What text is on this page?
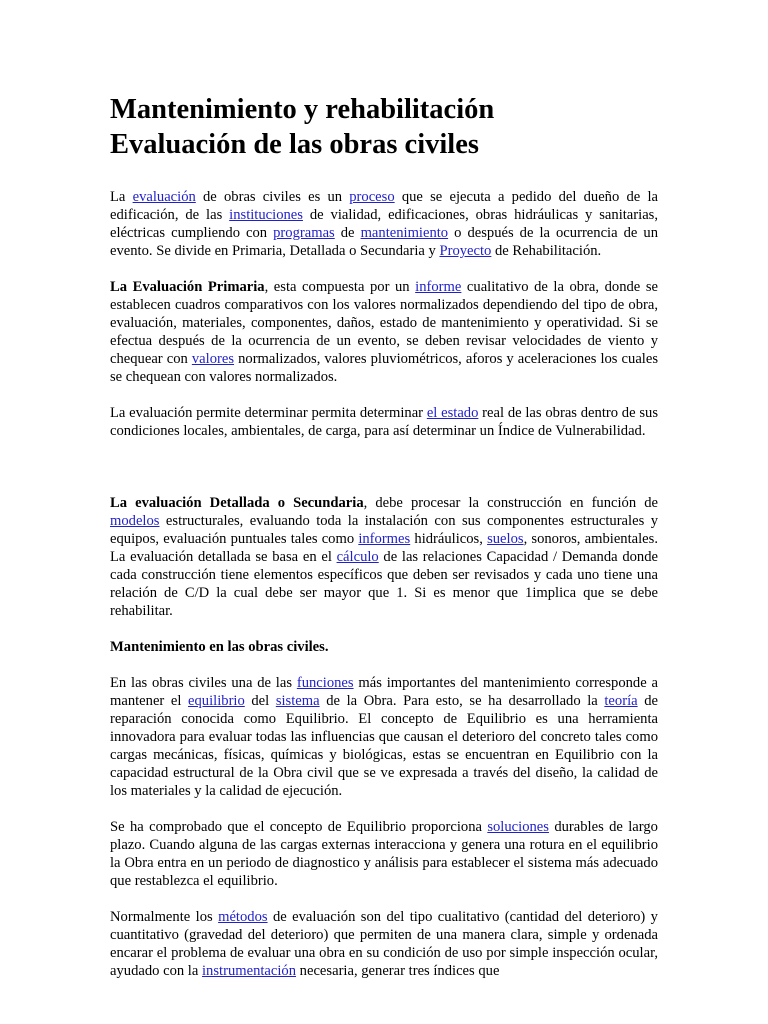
Mantenimiento y rehabilitación
Evaluación de las obras civiles

La evaluación de obras civiles es un proceso que se ejecuta a pedido del dueño de la edificación, de las instituciones de vialidad, edificaciones, obras hidráulicas y sanitarias, eléctricas cumpliendo con programas de mantenimiento o después de la ocurrencia de un evento. Se divide en Primaria, Detallada o Secundaria y Proyecto de Rehabilitación.

La Evaluación Primaria, esta compuesta por un informe cualitativo de la obra, donde se establecen cuadros comparativos con los valores normalizados dependiendo del tipo de obra, evaluación, materiales, componentes, daños, estado de mantenimiento y operatividad. Si se efectua después de la ocurrencia de un evento, se deben revisar velocidades de viento y chequear con valores normalizados, valores pluviométricos, aforos y aceleraciones los cuales se chequean con valores normalizados.

La evaluación permite determinar permita determinar el estado real de las obras dentro de sus condiciones locales, ambientales, de carga, para así determinar un Índice de Vulnerabilidad.

La evaluación Detallada o Secundaria, debe procesar la construcción en función de modelos estructurales, evaluando toda la instalación con sus componentes estructurales y equipos, evaluación puntuales tales como informes hidráulicos, suelos, sonoros, ambientales. La evaluación detallada se basa en el cálculo de las relaciones Capacidad / Demanda donde cada construcción tiene elementos específicos que deben ser revisados y cada uno tiene una relación de C/D la cual debe ser mayor que 1. Si es menor que 1implica que se debe rehabilitar.

Mantenimiento en las obras civiles.

En las obras civiles una de las funciones más importantes del mantenimiento corresponde a mantener el equilibrio del sistema de la Obra. Para esto, se ha desarrollado la teoría de reparación conocida como Equilibrio. El concepto de Equilibrio es una herramienta innovadora para evaluar todas las influencias que causan el deterioro del concreto tales como cargas mecánicas, físicas, químicas y biológicas, estas se encuentran en Equilibrio con la capacidad estructural de la Obra civil que se ve expresada a través del diseño, la calidad de los materiales y la calidad de ejecución.

Se ha comprobado que el concepto de Equilibrio proporciona soluciones durables de largo plazo. Cuando alguna de las cargas externas interacciona y genera una rotura en el equilibrio la Obra entra en un periodo de diagnostico y análisis para establecer el sistema más adecuado que restablezca el equilibrio.

Normalmente los métodos de evaluación son del tipo cualitativo (cantidad del deterioro) y cuantitativo (gravedad del deterioro) que permiten de una manera clara, simple y ordenada encarar el problema de evaluar una obra en su condición de uso por simple inspección ocular, ayudado con la instrumentación necesaria, generar tres índices que
